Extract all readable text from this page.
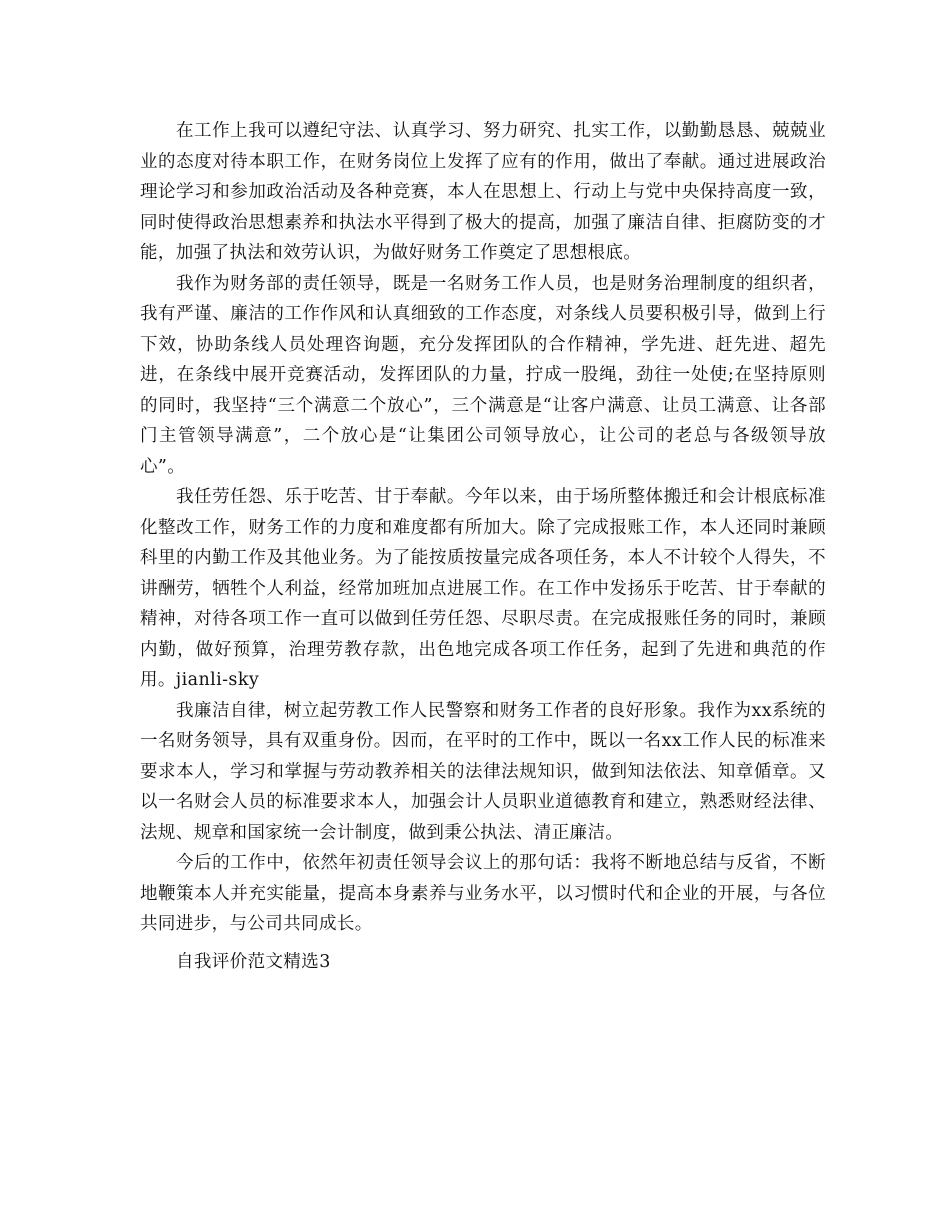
在工作上我可以遵纪守法、认真学习、努力研究、扎实工作，以勤勤恳恳、兢兢业业的态度对待本职工作，在财务岗位上发挥了应有的作用，做出了奉献。通过进展政治理论学习和参加政治活动及各种竞赛，本人在思想上、行动上与党中央保持高度一致，同时使得政治思想素养和执法水平得到了极大的提高，加强了廉洁自律、拒腐防变的才能，加强了执法和效劳认识，为做好财务工作奠定了思想根底。

我作为财务部的责任领导，既是一名财务工作人员，也是财务治理制度的组织者，我有严谨、廉洁的工作作风和认真细致的工作态度，对条线人员要积极引导，做到上行下效，协助条线人员处理咨询题，充分发挥团队的合作精神，学先进、赶先进、超先进，在条线中展开竞赛活动，发挥团队的力量，拧成一股绳，劲往一处使;在坚持原则的同时，我坚持“三个满意二个放心”，三个满意是“让客户满意、让员工满意、让各部门主管领导满意”，二个放心是“让集团公司领导放心，让公司的老总与各级领导放心”。

我任劳任怨、乐于吃苦、甘于奉献。今年以来，由于场所整体搬迁和会计根底标准化整改工作，财务工作的力度和难度都有所加大。除了完成报账工作，本人还同时兼顾科里的内勤工作及其他业务。为了能按质按量完成各项任务，本人不计较个人得失，不讲酬劳，牺牲个人利益，经常加班加点进展工作。在工作中发扬乐于吃苦、甘于奉献的精神，对待各项工作一直可以做到任劳任怨、尽职尽责。在完成报账任务的同时，兼顾内勤，做好预算，治理劳教存款，出色地完成各项工作任务，起到了先进和典范的作用。jianli-sky

我廉洁自律，树立起劳教工作人民警察和财务工作者的良好形象。我作为xx系统的一名财务领导，具有双重身份。因而，在平时的工作中，既以一名xx工作人民的标准来要求本人，学习和掌握与劳动教养相关的法律法规知识，做到知法依法、知章偱章。又以一名财会人员的标准要求本人，加强会计人员职业道德教育和建立，熟悉财经法律、法规、规章和国家统一会计制度，做到秉公执法、清正廉洁。

今后的工作中，依然年初责任领导会议上的那句话：我将不断地总结与反省，不断地鞭策本人并充实能量，提高本身素养与业务水平，以习惯时代和企业的开展，与各位共同进步，与公司共同成长。

自我评价范文精选3
